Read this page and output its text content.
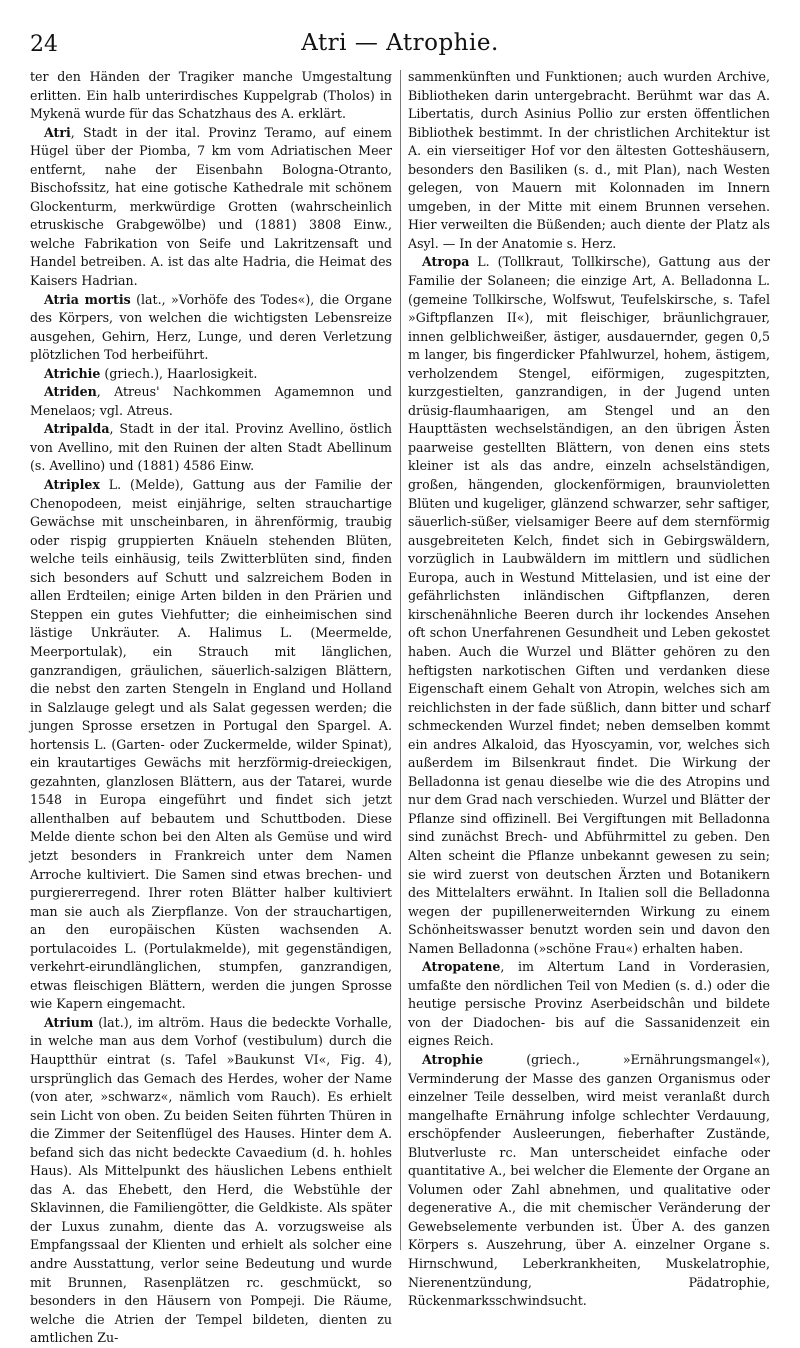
24	Atri — Atrophie.

ter den Händen der Tragiker manche Umgestaltung erlitten. Ein halb unterirdisches Kuppelgrab (Tholos) in Mykenä wurde für das Schatzhaus des A. erklärt.

Atri, Stadt in der ital. Provinz Teramo, auf einem Hügel über der Piomba, 7 km vom Adriatischen Meer entfernt, nahe der Eisenbahn Bologna-Otranto, Bischofssitz, hat eine gotische Kathedrale mit schönem Glockenturm, merkwürdige Grotten (wahrscheinlich etruskische Grabgewölbe) und (1881) 3808 Einw., welche Fabrikation von Seife und Lakritzensaft und Handel betreiben. A. ist das alte Hadria, die Heimat des Kaisers Hadrian.

Atria mortis (lat., »Vorhöfe des Todes«), die Organe des Körpers, von welchen die wichtigsten Lebensreize ausgehen, Gehirn, Herz, Lunge, und deren Verletzung plötzlichen Tod herbeiführt.

Atrichie (griech.), Haarlosigkeit.

Atriden, Atreus' Nachkommen Agamemnon und Menelaos; vgl. Atreus.

Atripalda, Stadt in der ital. Provinz Avellino, östlich von Avellino, mit den Ruinen der alten Stadt Abellinum (s. Avellino) und (1881) 4586 Einw.

Atriplex L. (Melde), Gattung aus der Familie der Chenopodeen, meist einjährige, selten strauchartige Gewächse mit unscheinbaren, in ährenförmig, traubig oder rispig gruppierten Knäueln stehenden Blüten, welche teils einhäusig, teils Zwitterblüten sind, finden sich besonders auf Schutt und salzreichem Boden in allen Erdteilen; einige Arten bilden in den Prärien und Steppen ein gutes Viehfutter; die einheimischen sind lästige Unkräuter. A. Halimus L. (Meermelde, Meerportulak), ein Strauch mit länglichen, ganzrandigen, gräulichen, säuerlich-salzigen Blättern, die nebst den zarten Stengeln in England und Holland in Salzlauge gelegt und als Salat gegessen werden; die jungen Sprosse ersetzen in Portugal den Spargel. A. hortensis L. (Garten- oder Zuckermelde, wilder Spinat), ein krautartiges Gewächs mit herzförmig-dreieckigen, gezahnten, glanzlosen Blättern, aus der Tatarei, wurde 1548 in Europa eingeführt und findet sich jetzt allenthalben auf bebautem und Schuttboden. Diese Melde diente schon bei den Alten als Gemüse und wird jetzt besonders in Frankreich unter dem Namen Arroche kultiviert. Die Samen sind etwas brechen- und purgiererregend. Ihrer roten Blätter halber kultiviert man sie auch als Zierpflanze. Von der strauchartigen, an den europäischen Küsten wachsenden A. portulacoides L. (Portulakmelde), mit gegenständigen, verkehrt-eirundlänglichen, stumpfen, ganzrandigen, etwas fleischigen Blättern, werden die jungen Sprosse wie Kapern eingemacht.

Atrium (lat.), im altröm. Haus die bedeckte Vorhalle, in welche man aus dem Vorhof (vestibulum) durch die Hauptthür eintrat (s. Tafel »Baukunst VI«, Fig. 4), ursprünglich das Gemach des Herdes, woher der Name (von ater, »schwarz«, nämlich vom Rauch). Es erhielt sein Licht von oben. Zu beiden Seiten führten Thüren in die Zimmer der Seitenflügel des Hauses. Hinter dem A. befand sich das nicht bedeckte Cavaedium (d. h. hohles Haus). Als Mittelpunkt des häuslichen Lebens enthielt das A. das Ehebett, den Herd, die Webstühle der Sklavinnen, die Familiengötter, die Geldkiste. Als später der Luxus zunahm, diente das A. vorzugsweise als Empfangssaal der Klienten und erhielt als solcher eine andre Ausstattung, verlor seine Bedeutung und wurde mit Brunnen, Rasenplätzen rc. geschmückt, so besonders in den Häusern von Pompeji. Die Räume, welche die Atrien der Tempel bildeten, dienten zu amtlichen Zu-

sammenkünften und Funktionen; auch wurden Archive, Bibliotheken darin untergebracht. Berühmt war das A. Libertatis, durch Asinius Pollio zur ersten öffentlichen Bibliothek bestimmt. In der christlichen Architektur ist A. ein vierseitiger Hof vor den ältesten Gotteshäusern, besonders den Basiliken (s. d., mit Plan), nach Westen gelegen, von Mauern mit Kolonnaden im Innern umgeben, in der Mitte mit einem Brunnen versehen. Hier verweilten die Büßenden; auch diente der Platz als Asyl. — In der Anatomie s. Herz.

Atropa L. (Tollkraut, Tollkirsche), Gattung aus der Familie der Solaneen; die einzige Art, A. Belladonna L. (gemeine Tollkirsche, Wolfswut, Teufelskirsche, s. Tafel »Giftpflanzen II«), mit fleischiger, bräunlichgrauer, innen gelblichweißer, ästiger, ausdauernder, gegen 0,5 m langer, bis fingerdicker Pfahlwurzel, hohem, ästigem, verholzendem Stengel, eiförmigen, zugespitzten, kurzgestielten, ganzrandigen, in der Jugend unten drüsig-flaumhaarigen, am Stengel und an den Haupttästen wechselständigen, an den übrigen Ästen paarweise gestellten Blättern, von denen eins stets kleiner ist als das andre, einzeln achselständigen, großen, hängenden, glockenförmigen, braunvioletten Blüten und kugeliger, glänzend schwarzer, sehr saftiger, säuerlich-süßer, vielsamiger Beere auf dem sternförmig ausgebreiteten Kelch, findet sich in Gebirgswäldern, vorzüglich in Laubwäldern im mittlern und südlichen Europa, auch in Westund Mittelasien, und ist eine der gefährlichsten inländischen Giftpflanzen, deren kirschenähnliche Beeren durch ihr lockendes Ansehen oft schon Unerfahrenen Gesundheit und Leben gekostet haben. Auch die Wurzel und Blätter gehören zu den heftigsten narkotischen Giften und verdanken diese Eigenschaft einem Gehalt von Atropin, welches sich am reichlichsten in der fade süßlich, dann bitter und scharf schmeckenden Wurzel findet; neben demselben kommt ein andres Alkaloid, das Hyoscyamin, vor, welches sich außerdem im Bilsenkraut findet. Die Wirkung der Belladonna ist genau dieselbe wie die des Atropins und nur dem Grad nach verschieden. Wurzel und Blätter der Pflanze sind offizinell. Bei Vergiftungen mit Belladonna sind zunächst Brech- und Abführmittel zu geben. Den Alten scheint die Pflanze unbekannt gewesen zu sein; sie wird zuerst von deutschen Ärzten und Botanikern des Mittelalters erwähnt. In Italien soll die Belladonna wegen der pupillenerweiternden Wirkung zu einem Schönheitswasser benutzt worden sein und davon den Namen Belladonna (»schöne Frau«) erhalten haben.

Atropatene, im Altertum Land in Vorderasien, umfaßte den nördlichen Teil von Medien (s. d.) oder die heutige persische Provinz Aserbeidschân und bildete von der Diadochen- bis auf die Sassanidenzeit ein eignes Reich.

Atrophie (griech., »Ernährungsmangel«), Verminderung der Masse des ganzen Organismus oder einzelner Teile desselben, wird meist veranlaßt durch mangelhafte Ernährung infolge schlechter Verdauung, erschöpfender Ausleerungen, fieberhafter Zustände, Blutverluste rc. Man unterscheidet einfache oder quantitative A., bei welcher die Elemente der Organe an Volumen oder Zahl abnehmen, und qualitative oder degenerative A., die mit chemischer Veränderung der Gewebselemente verbunden ist. Über A. des ganzen Körpers s. Auszehrung, über A. einzelner Organe s. Hirnschwund, Leberkrankheiten, Muskelatrophie, Nierenentzündung, Pädatrophie, Rückenmarksschwindsucht.
